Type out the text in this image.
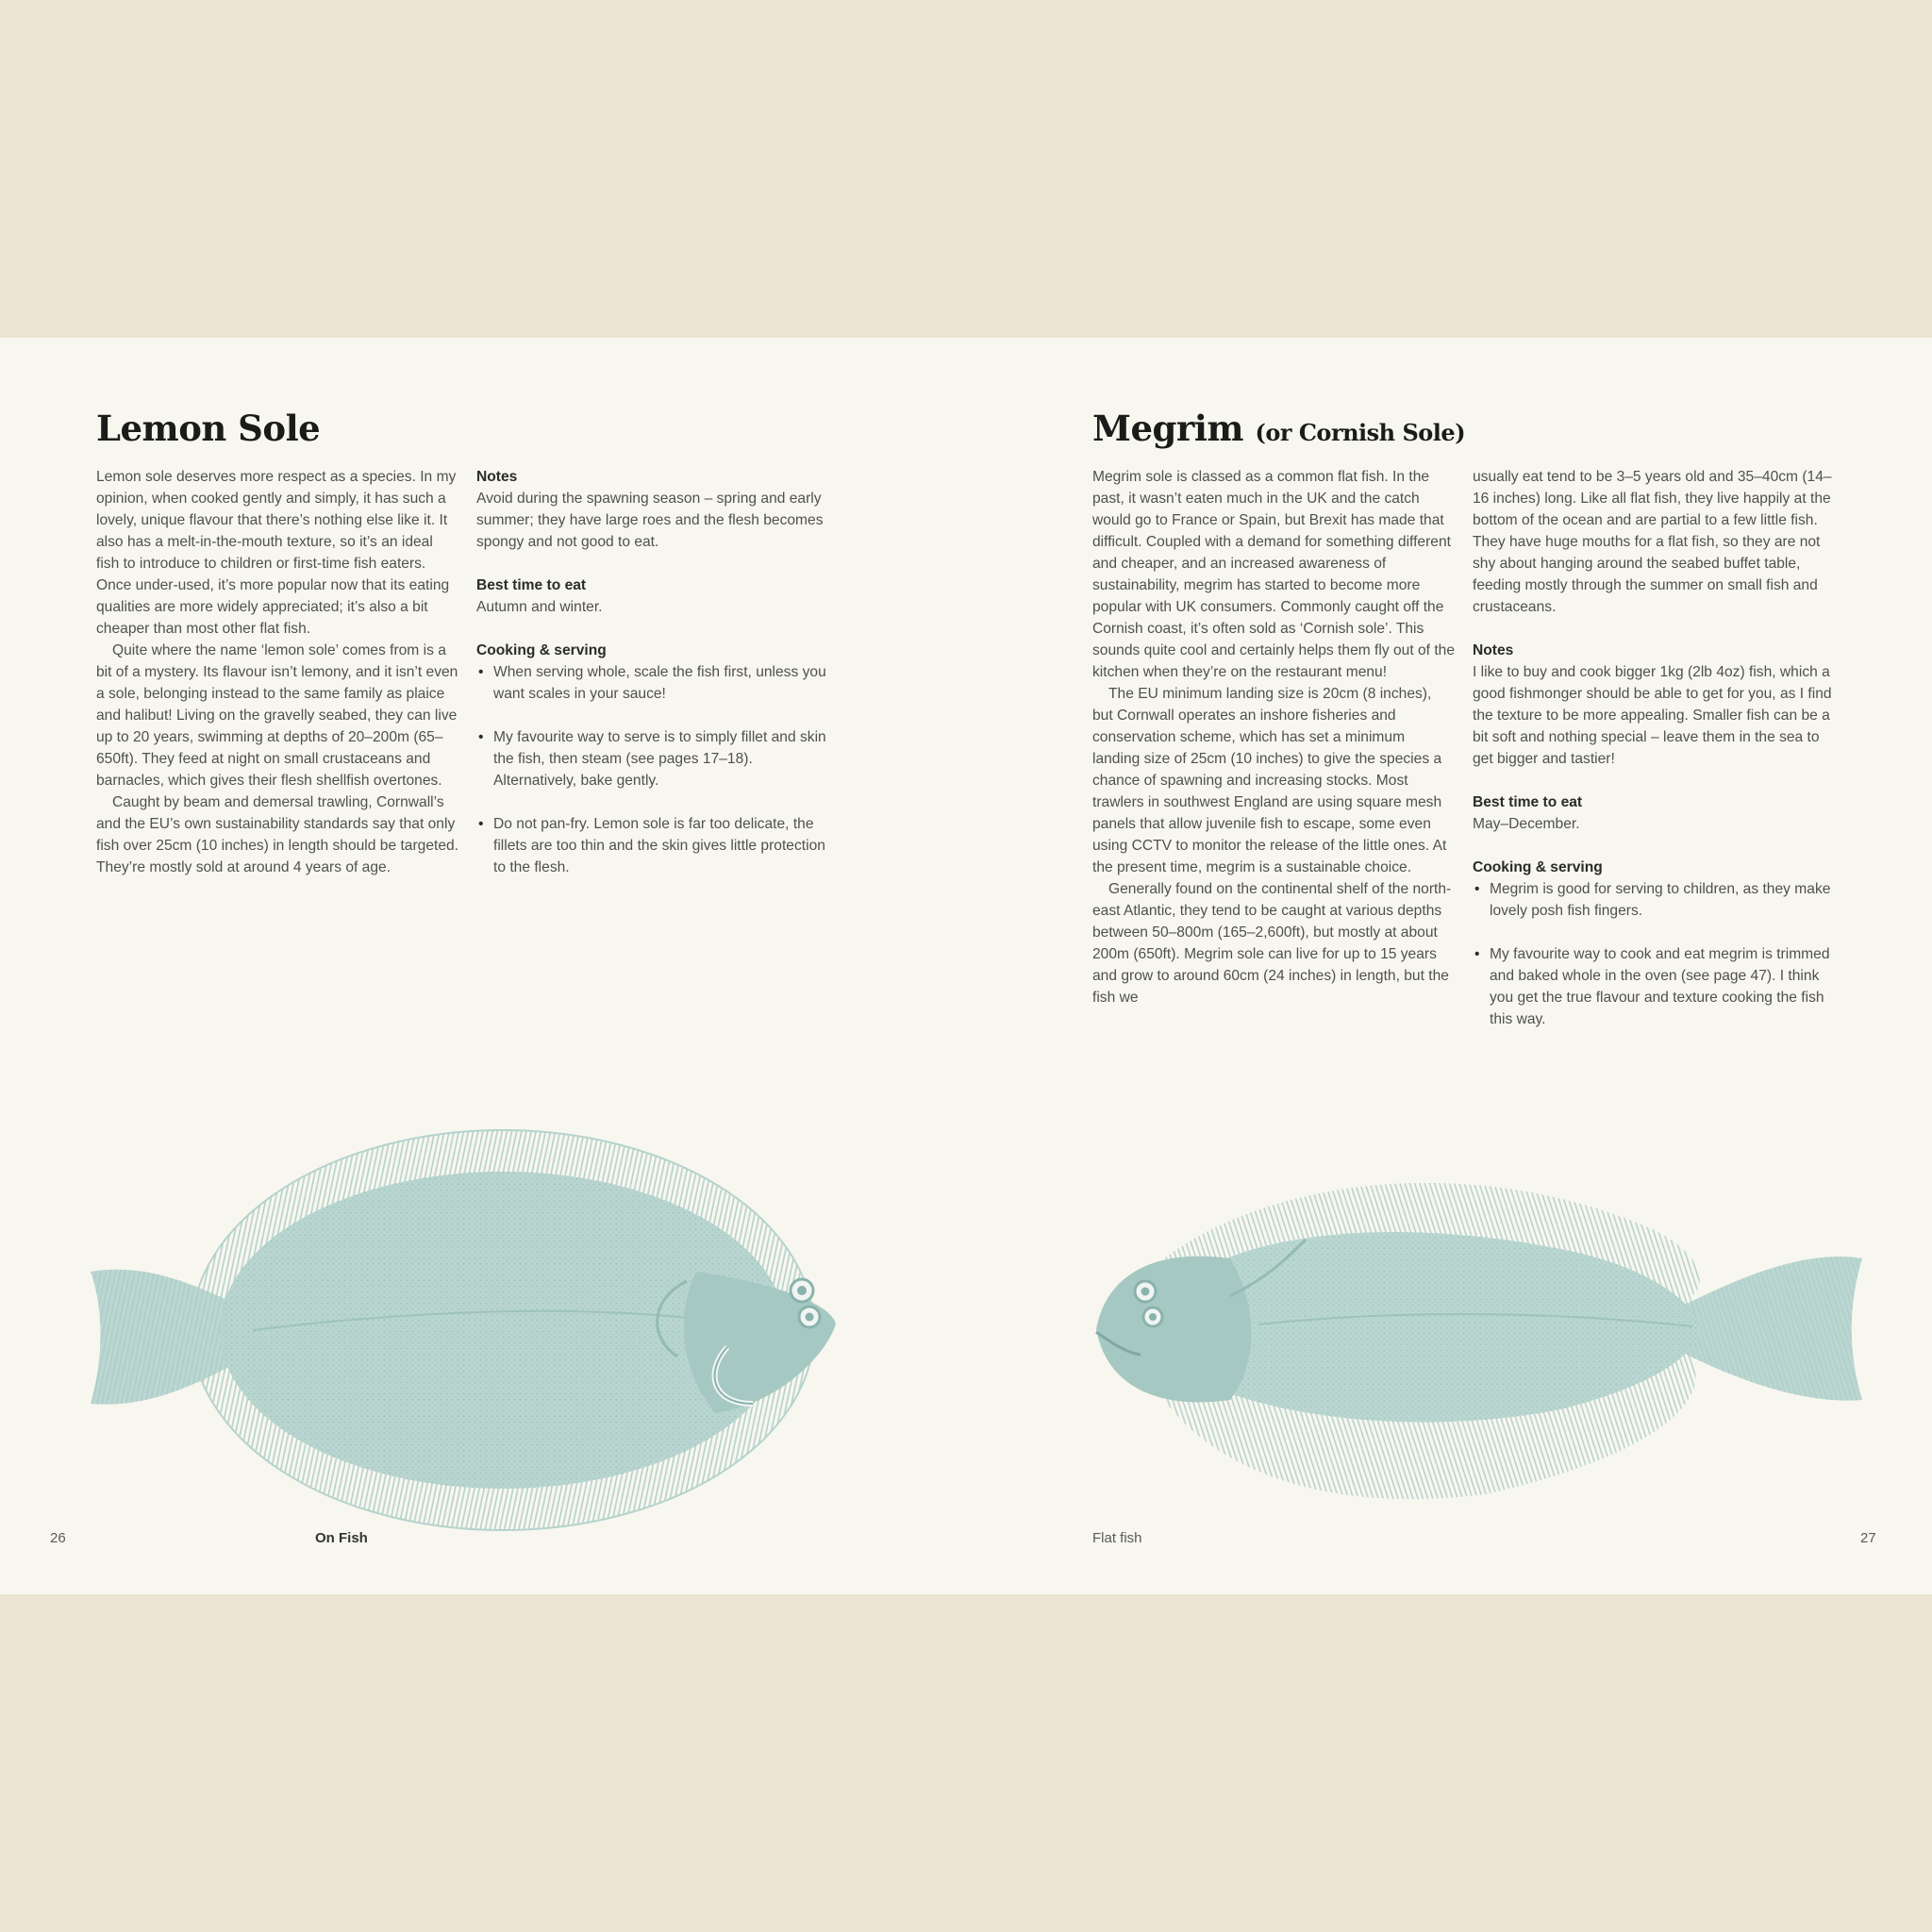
Lemon Sole

Lemon sole deserves more respect as a species. In my opinion, when cooked gently and simply, it has such a lovely, unique flavour that there’s nothing else like it. It also has a melt-in-the-mouth texture, so it’s an ideal fish to introduce to children or first-time fish eaters. Once under-used, it’s more popular now that its eating qualities are more widely appreciated; it’s also a bit cheaper than most other flat fish.

Quite where the name ‘lemon sole’ comes from is a bit of a mystery. Its flavour isn’t lemony, and it isn’t even a sole, belonging instead to the same family as plaice and halibut! Living on the gravelly seabed, they can live up to 20 years, swimming at depths of 20–200m (65–650ft). They feed at night on small crustaceans and barnacles, which gives their flesh shellfish overtones.

Caught by beam and demersal trawling, Cornwall’s and the EU’s own sustainability standards say that only fish over 25cm (10 inches) in length should be targeted. They’re mostly sold at around 4 years of age.

Notes
Avoid during the spawning season – spring and early summer; they have large roes and the flesh becomes spongy and not good to eat.
Best time to eat
Autumn and winter.
Cooking & serving
• When serving whole, scale the fish first, unless you want scales in your sauce!
• My favourite way to serve is to simply fillet and skin the fish, then steam (see pages 17–18). Alternatively, bake gently.
• Do not pan-fry. Lemon sole is far too delicate, the fillets are too thin and the skin gives little protection to the flesh.
26	On Fish
Megrim (or Cornish Sole)

Megrim sole is classed as a common flat fish. In the past, it wasn’t eaten much in the UK and the catch would go to France or Spain, but Brexit has made that difficult. Coupled with a demand for something different and cheaper, and an increased awareness of sustainability, megrim has started to become more popular with UK consumers. Commonly caught off the Cornish coast, it’s often sold as ‘Cornish sole’. This sounds quite cool and certainly helps them fly out of the kitchen when they’re on the restaurant menu!

The EU minimum landing size is 20cm (8 inches), but Cornwall operates an inshore fisheries and conservation scheme, which has set a minimum landing size of 25cm (10 inches) to give the species a chance of spawning and increasing stocks. Most trawlers in southwest England are using square mesh panels that allow juvenile fish to escape, some even using CCTV to monitor the release of the little ones. At the present time, megrim is a sustainable choice.

Generally found on the continental shelf of the north-east Atlantic, they tend to be caught at various depths between 50–800m (165–2,600ft), but mostly at about 200m (650ft). Megrim sole can live for up to 15 years and grow to around 60cm (24 inches) in length, but the fish we

usually eat tend to be 3–5 years old and 35–40cm (14–16 inches) long. Like all flat fish, they live happily at the bottom of the ocean and are partial to a few little fish. They have huge mouths for a flat fish, so they are not shy about hanging around the seabed buffet table, feeding mostly through the summer on small fish and crustaceans.
Notes
I like to buy and cook bigger 1kg (2lb 4oz) fish, which a good fishmonger should be able to get for you, as I find the texture to be more appealing. Smaller fish can be a bit soft and nothing special – leave them in the sea to get bigger and tastier!
Best time to eat
May–December.
Cooking & serving
• Megrim is good for serving to children, as they make lovely posh fish fingers.
• My favourite way to cook and eat megrim is trimmed and baked whole in the oven (see page 47). I think you get the true flavour and texture cooking the fish this way.
Flat fish	27
